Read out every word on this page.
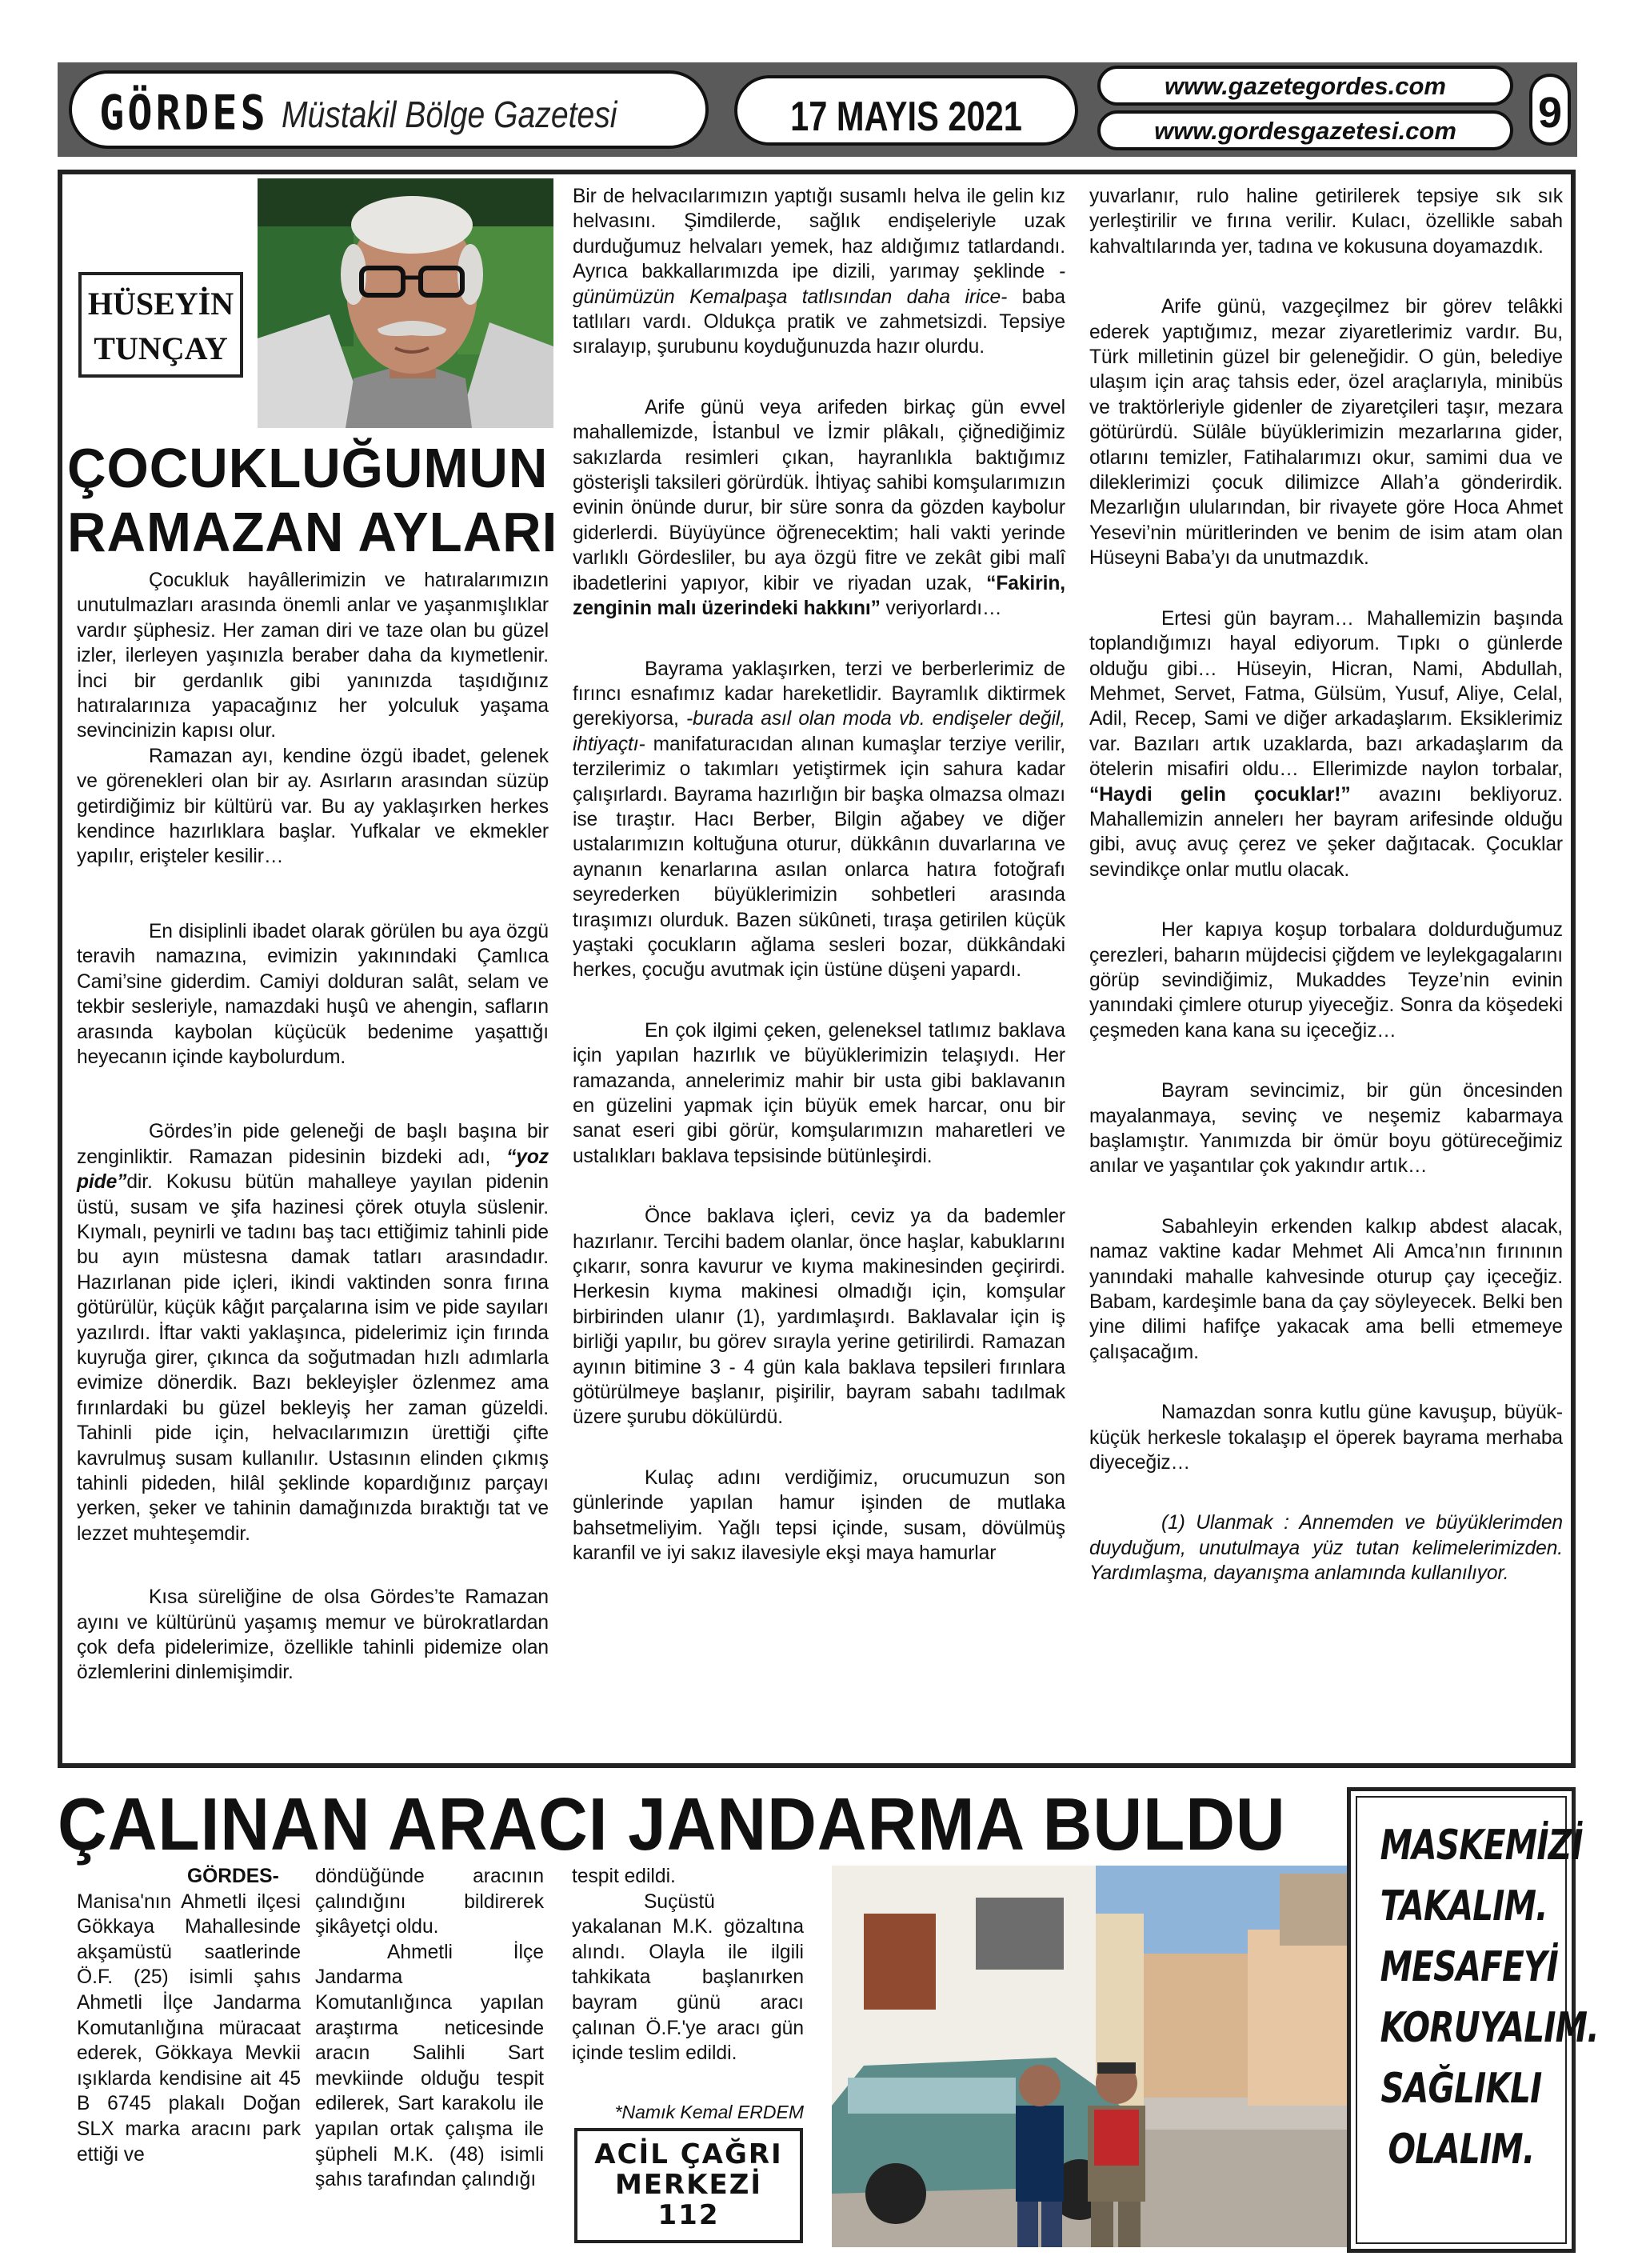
GÖRDES Müstakil Bölge Gazetesi	17 MAYIS 2021
www.gazetegordes.com
www.gordesgazetesi.com	9
HÜSEYİN
TUNÇAY
ÇOCUKLUĞUMUN
RAMAZAN AYLARI

Çocukluk hayâllerimizin ve hatıralarımızın unutulmazları arasında önemli anlar ve yaşanmışlıklar vardır şüphesiz. Her zaman diri ve taze olan bu güzel izler, ilerleyen yaşınızla beraber daha da kıymetlenir. İnci bir gerdanlık gibi yanınızda taşıdığınız hatıralarınıza yapacağınız her yolculuk yaşama sevincinizin kapısı olur.

Ramazan ayı, kendine özgü ibadet, gelenek ve görenekleri olan bir ay. Asırların arasından süzüp getirdiğimiz bir kültürü var. Bu ay yaklaşırken herkes kendince hazırlıklara başlar. Yufkalar ve ekmekler yapılır, erişteler kesilir…

En disiplinli ibadet olarak görülen bu aya özgü teravih namazına, evimizin yakınındaki Çamlıca Cami’sine giderdim. Camiyi dolduran salât, selam ve tekbir sesleriyle, namazdaki huşû ve ahengin, safların arasında kaybolan küçücük bedenime yaşattığı heyecanın içinde kaybolurdum.

Gördes’in pide geleneği de başlı başına bir zenginliktir. Ramazan pidesinin bizdeki adı, “yoz pide”dir. Kokusu bütün mahalleye yayılan pidenin üstü, susam ve şifa hazinesi çörek otuyla süslenir. Kıymalı, peynirli ve tadını baş tacı ettiğimiz tahinli pide bu ayın müstesna damak tatları arasındadır. Hazırlanan pide içleri, ikindi vaktinden sonra fırına götürülür, küçük kâğıt parçalarına isim ve pide sayıları yazılırdı. İftar vakti yaklaşınca, pidelerimiz için fırında kuyruğa girer, çıkınca da soğutmadan hızlı adımlarla evimize dönerdik. Bazı bekleyişler özlenmez ama fırınlardaki bu güzel bekleyiş her zaman güzeldi. Tahinli pide için, helvacılarımızın ürettiği çifte kavrulmuş susam kullanılır. Ustasının elinden çıkmış tahinli pideden, hilâl şeklinde kopardığınız parçayı yerken, şeker ve tahinin damağınızda bıraktığı tat ve lezzet muhteşemdir.

Kısa süreliğine de olsa Gördes’te Ramazan ayını ve kültürünü yaşamış memur ve bürokratlardan çok defa pidelerimize, özellikle tahinli pidemize olan özlemlerini dinlemişimdir.

Bir de helvacılarımızın yaptığı susamlı helva ile gelin kız helvasını. Şimdilerde, sağlık endişeleriyle uzak durduğumuz helvaları yemek, haz aldığımız tatlardandı. Ayrıca bakkallarımızda ipe dizili, yarımay şeklinde -günümüzün Kemalpaşa tatlısından daha irice- baba tatlıları vardı. Oldukça pratik ve zahmetsizdi. Tepsiye sıralayıp, şurubunu koyduğunuzda hazır olurdu.

Arife günü veya arifeden birkaç gün evvel mahallemizde, İstanbul ve İzmir plâkalı, çiğnediğimiz sakızlarda resimleri çıkan, hayranlıkla baktığımız gösterişli taksileri görürdük. İhtiyaç sahibi komşularımızın evinin önünde durur, bir süre sonra da gözden kaybolur giderlerdi. Büyüyünce öğrenecektim; hali vakti yerinde varlıklı Gördesliler, bu aya özgü fitre ve zekât gibi malî ibadetlerini yapıyor, kibir ve riyadan uzak, “Fakirin, zenginin malı üzerindeki hakkını” veriyorlardı…

Bayrama yaklaşırken, terzi ve berberlerimiz de fırıncı esnafımız kadar hareketlidir. Bayramlık diktirmek gerekiyorsa, -burada asıl olan moda vb. endişeler değil, ihtiyaçtı- manifaturacıdan alınan kumaşlar terziye verilir, terzilerimiz o takımları yetiştirmek için sahura kadar çalışırlardı. Bayrama hazırlığın bir başka olmazsa olmazı ise tıraştır. Hacı Berber, Bilgin ağabey ve diğer ustalarımızın koltuğuna oturur, dükkânın duvarlarına ve aynanın kenarlarına asılan onlarca hatıra fotoğrafı seyrederken büyüklerimizin sohbetleri arasında tıraşımızı olurduk. Bazen sükûneti, tıraşa getirilen küçük yaştaki çocukların ağlama sesleri bozar, dükkândaki herkes, çocuğu avutmak için üstüne düşeni yapardı.

En çok ilgimi çeken, geleneksel tatlımız baklava için yapılan hazırlık ve büyüklerimizin telaşıydı. Her ramazanda, annelerimiz mahir bir usta gibi baklavanın en güzelini yapmak için büyük emek harcar, onu bir sanat eseri gibi görür, komşularımızın maharetleri ve ustalıkları baklava tepsisinde bütünleşirdi.

Önce baklava içleri, ceviz ya da bademler hazırlanır. Tercihi badem olanlar, önce haşlar, kabuklarını çıkarır, sonra kavurur ve kıyma makinesinden geçirirdi. Herkesin kıyma makinesi olmadığı için, komşular birbirinden ulanır (1), yardımlaşırdı. Baklavalar için iş birliği yapılır, bu görev sırayla yerine getirilirdi. Ramazan ayının bitimine 3 - 4 gün kala baklava tepsileri fırınlara götürülmeye başlanır, pişirilir, bayram sabahı tadılmak üzere şurubu dökülürdü.

Kulaç adını verdiğimiz, orucumuzun son günlerinde yapılan hamur işinden de mutlaka bahsetmeliyim. Yağlı tepsi içinde, susam, dövülmüş karanfil ve iyi sakız ilavesiyle ekşi maya hamurlar

yuvarlanır, rulo haline getirilerek tepsiye sık sık yerleştirilir ve fırına verilir. Kulacı, özellikle sabah kahvaltılarında yer, tadına ve kokusuna doyamazdık.

Arife günü, vazgeçilmez bir görev telâkki ederek yaptığımız, mezar ziyaretlerimiz vardır. Bu, Türk milletinin güzel bir geleneğidir. O gün, belediye ulaşım için araç tahsis eder, özel araçlarıyla, minibüs ve traktörleriyle gidenler de ziyaretçileri taşır, mezara götürürdü. Sülâle büyüklerimizin mezarlarına gider, otlarını temizler, Fatihalarımızı okur, samimi dua ve dileklerimizi çocuk dilimizce Allah’a gönderirdik. Mezarlığın ulularından, bir rivayete göre Hoca Ahmet Yesevi’nin müritlerinden ve benim de isim atam olan Hüseyni Baba’yı da unutmazdık.

Ertesi gün bayram… Mahallemizin başında toplandığımızı hayal ediyorum. Tıpkı o günlerde olduğu gibi… Hüseyin, Hicran, Nami, Abdullah, Mehmet, Servet, Fatma, Gülsüm, Yusuf, Aliye, Celal, Adil, Recep, Sami ve diğer arkadaşlarım. Eksiklerimiz var. Bazıları artık uzaklarda, bazı arkadaşlarım da ötelerin misafiri oldu… Ellerimizde naylon torbalar, “Haydi gelin çocuklar!” avazını bekliyoruz. Mahallemizin annelerı her bayram arifesinde olduğu gibi, avuç avuç çerez ve şeker dağıtacak. Çocuklar sevindikçe onlar mutlu olacak.

Her kapıya koşup torbalara doldurduğumuz çerezleri, baharın müjdecisi çiğdem ve leylekgagalarını görüp sevindiğimiz, Mukaddes Teyze’nin evinin yanındaki çimlere oturup yiyeceğiz. Sonra da köşedeki çeşmeden kana kana su içeceğiz…

Bayram sevincimiz, bir gün öncesinden mayalanmaya, sevinç ve neşemiz kabarmaya başlamıştır. Yanımızda bir ömür boyu götüreceğimiz anılar ve yaşantılar çok yakındır artık…

Sabahleyin erkenden kalkıp abdest alacak, namaz vaktine kadar Mehmet Ali Amca’nın fırınının yanındaki mahalle kahvesinde oturup çay içeceğiz. Babam, kardeşimle bana da çay söyleyecek. Belki ben yine dilimi hafifçe yakacak ama belli etmemeye çalışacağım.

Namazdan sonra kutlu güne kavuşup, büyük-küçük herkesle tokalaşıp el öperek bayrama merhaba diyeceğiz…

(1) Ulanmak : Annemden ve büyüklerimden duyduğum, unutulmaya yüz tutan kelimelerimizden. Yardımlaşma, dayanışma anlamında kullanılıyor.

ÇALINAN ARACI JANDARMA BULDU

GÖRDES- Manisa'nın Ahmetli ilçesi Gökkaya Mahallesinde akşamüstü saatlerinde Ö.F. (25) isimli şahıs Ahmetli İlçe Jandarma Komutanlığına müracaat ederek, Gökkaya Mevkii ışıklarda kendisine ait 45 B 6745 plakalı Doğan SLX marka aracını park ettiği ve

döndüğünde aracının çalındığını bildirerek şikâyetçi oldu.

Ahmetli İlçe Jandarma Komutanlığınca yapılan araştırma neticesinde aracın Salihli Sart mevkiinde olduğu tespit edilerek, Sart karakolu ile yapılan ortak çalışma ile şüpheli M.K. (48) isimli şahıs tarafından çalındığı

tespit edildi.

Suçüstü yakalanan M.K. gözaltına alındı. Olayla ile ilgili tahkikata başlanırken bayram günü aracı çalınan Ö.F.'ye aracı gün içinde teslim edildi.

*Namık Kemal ERDEM
ACİL ÇAĞRI
MERKEZİ
112
MASKEMİZİ
TAKALIM.
MESAFEYİ
KORUYALIM.
SAĞLIKLI
OLALIM.
